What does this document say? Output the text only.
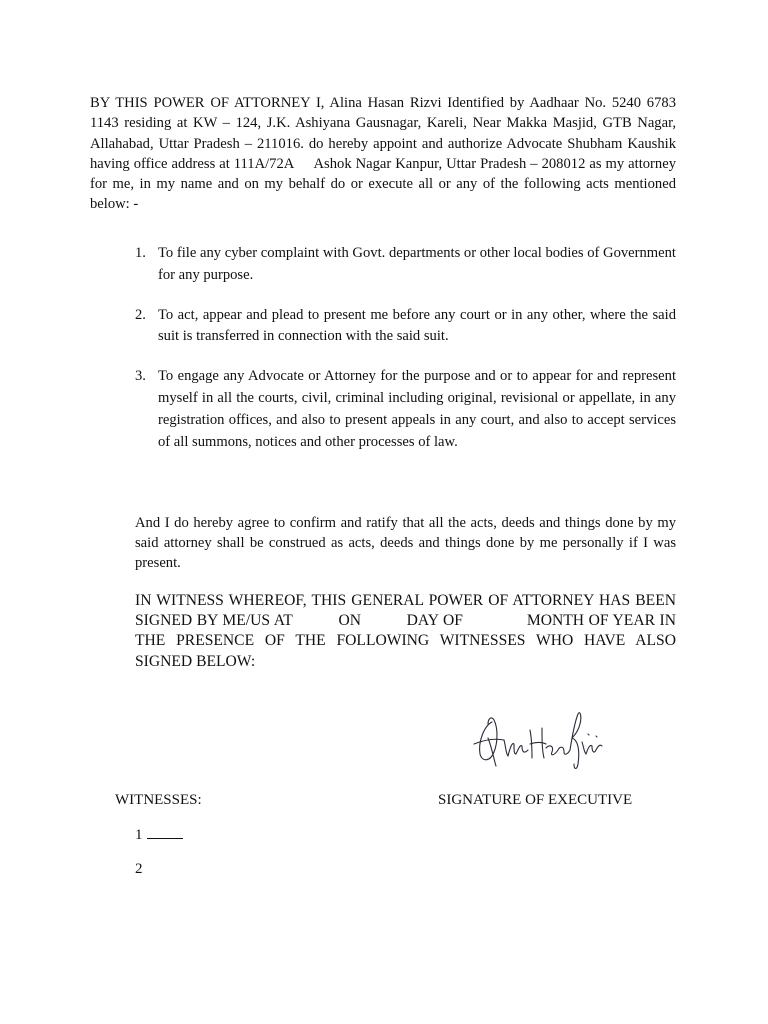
BY THIS POWER OF ATTORNEY I, Alina Hasan Rizvi Identified by Aadhaar No. 5240 6783 1143 residing at KW – 124, J.K. Ashiyana Gausnagar, Kareli, Near Makka Masjid, GTB Nagar, Allahabad, Uttar Pradesh – 211016. do hereby appoint and authorize Advocate Shubham Kaushik having office address at 111A/72A     Ashok Nagar Kanpur, Uttar Pradesh – 208012 as my attorney for me, in my name and on my behalf do or execute all or any of the following acts mentioned below: -

1. To file any cyber complaint with Govt. departments or other local bodies of Government for any purpose.
2. To act, appear and plead to present me before any court or in any other, where the said suit is transferred in connection with the said suit.
3. To engage any Advocate or Attorney for the purpose and or to appear for and represent myself in all the courts, civil, criminal including original, revisional or appellate, in any registration offices, and also to present appeals in any court, and also to accept services of all summons, notices and other processes of law.

And I do hereby agree to confirm and ratify that all the acts, deeds and things done by my said attorney shall be construed as acts, deeds and things done by me personally if I was present.

IN WITNESS WHEREOF, THIS GENERAL POWER OF ATTORNEY HAS BEEN SIGNED BY ME/US AT          ON          DAY OF              MONTH OF YEAR IN THE PRESENCE OF THE FOLLOWING WITNESSES WHO HAVE ALSO SIGNED BELOW:

WITNESSES:	SIGNATURE OF EXECUTIVE

1

2
